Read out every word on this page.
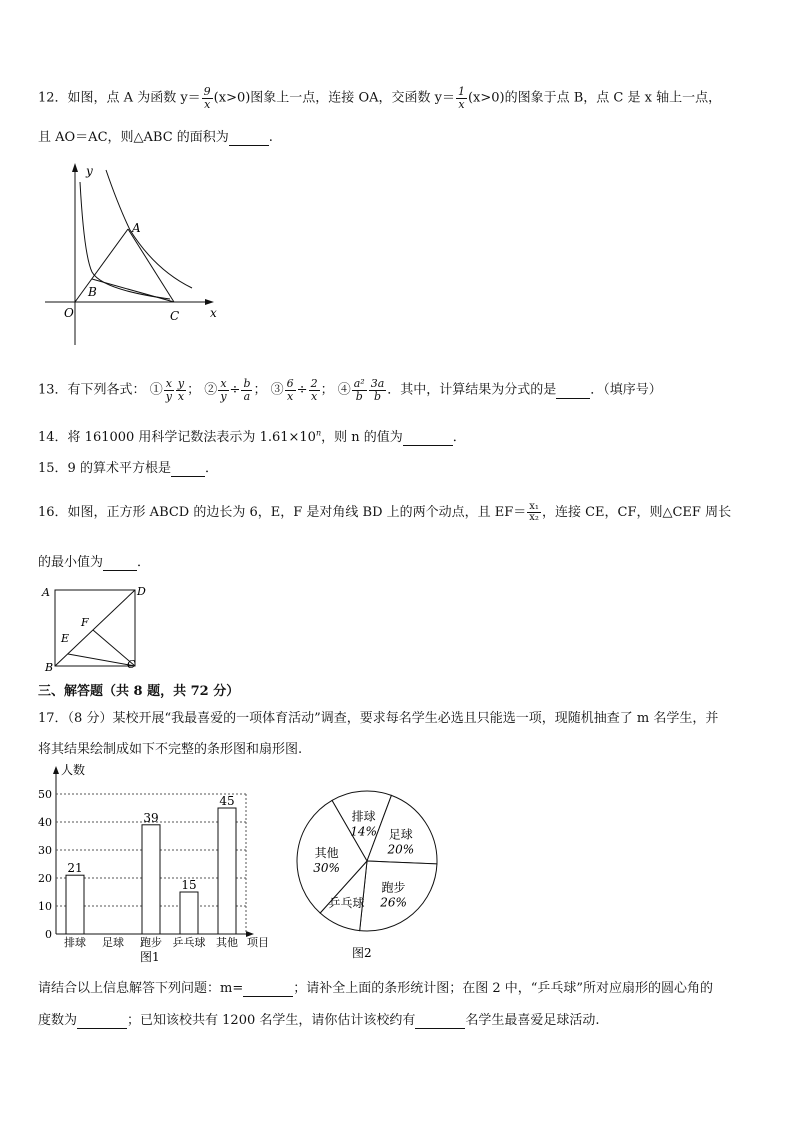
12．如图，点 A 为函数 $y= \frac{9}{x} (x>0)$图象上一点，连接 OA，交函数 $y= \frac{1}{x} (x>0)$的图象于点 B，点 C 是 x 轴上一点，
且 AO＝AC，则△ABC 的面积为	.
y
x
A
B
O	C
13．有下列各式： ① $\frac{x}{y} \frac{y}{x}$ ； ② $\frac{x}{y} \div \frac{b}{a}$ ； ③ $\frac{6}{x} \div \frac{2}{x}$ ； ④ $\frac{\text{a²}}{b} \frac{3a}{b}$ ．其中，计算结果为分式的是	．（填序号）
14．将 161000 用科学记数法表示为 $1.61\times 10^n$，则 n 的值为	．
15．9 的算术平方根是	．
16．如图，正方形 ABCD 的边长为 6，E，F 是对角线 BD 上的两个动点，且 $EF= \frac{\text{x₁}}{\text{x₂}}$ ，连接 CE，CF，则△CEF 周长
的最小值为	．
A	D
B	C
E
F
三、解答题（共 8 题，共 72 分）
17．（8 分）某校开展“我最喜爱的一项体育活动”调查，要求每名学生必选且只能选一项，现随机抽查了 m 名学生，并
将其结果绘制成如下不完整的条形图和扇形图.
人数
项目
图1
0
10
20
30
40
50
21
39
15
45
排球 足球 跑步 乒乓球 其他
排球
14% 足球
20%
跑步
26%
乒乓球
其他
30%
图2
请结合以上信息解答下列问题：m=	；请补全上面的条形统计图；在图 2 中，“乒乓球”所对应扇形的圆心角的
度数为	；已知该校共有 1200 名学生，请你估计该校约有	名学生最喜爱足球活动.
